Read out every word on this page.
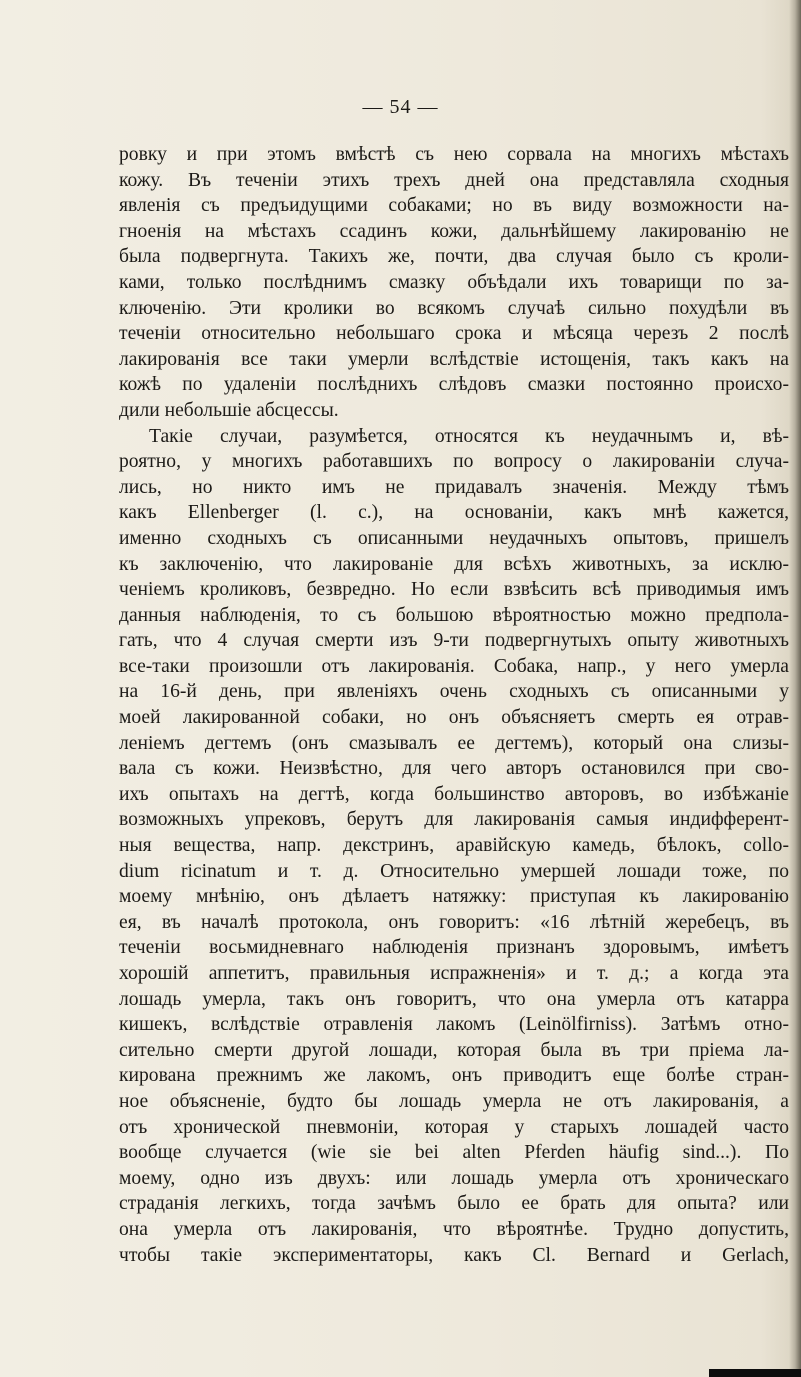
— 54 —
ровку и при этомъ вмѣстѣ съ нею сорвала на многихъ мѣстахъ
кожу. Въ теченіи этихъ трехъ дней она представляла сходныя
явленія съ предъидущими собаками; но въ виду возможности на-
гноенія на мѣстахъ ссадинъ кожи, дальнѣйшему лакированію не
была подвергнута. Такихъ же, почти, два случая было съ кроли-
ками, только послѣднимъ смазку объѣдали ихъ товарищи по за-
ключенію. Эти кролики во всякомъ случаѣ сильно похудѣли въ
теченіи относительно небольшаго срока и мѣсяца черезъ 2 послѣ
лакированія все таки умерли вслѣдствіе истощенія, такъ какъ на
кожѣ по удаленіи послѣднихъ слѣдовъ смазки постоянно происхо-
дили небольшіе абсцессы.
Такіе случаи, разумѣется, относятся къ неудачнымъ и, вѣ-
роятно, у многихъ работавшихъ по вопросу о лакированіи случа-
лись, но никто имъ не придавалъ значенія. Между тѣмъ
какъ Ellenberger (l. c.), на основаніи, какъ мнѣ кажется,
именно сходныхъ съ описанными неудачныхъ опытовъ, пришелъ
къ заключенію, что лакированіе для всѣхъ животныхъ, за исклю-
ченіемъ кроликовъ, безвредно. Но если взвѣсить всѣ приводимыя имъ
данныя наблюденія, то съ большою вѣроятностью можно предпола-
гать, что 4 случая смерти изъ 9-ти подвергнутыхъ опыту животныхъ
все-таки произошли отъ лакированія. Собака, напр., у него умерла
на 16-й день, при явленіяхъ очень сходныхъ съ описанными у
моей лакированной собаки, но онъ объясняетъ смерть ея отрав-
леніемъ дегтемъ (онъ смазывалъ ее дегтемъ), который она слизы-
вала съ кожи. Неизвѣстно, для чего авторъ остановился при сво-
ихъ опытахъ на дегтѣ, когда большинство авторовъ, во избѣжаніе
возможныхъ упрековъ, берутъ для лакированія самыя индифферент-
ныя вещества, напр. декстринъ, аравійскую камедь, бѣлокъ, collo-
dium ricinatum и т. д. Относительно умершей лошади тоже, по
моему мнѣнію, онъ дѣлаетъ натяжку: приступая къ лакированію
ея, въ началѣ протокола, онъ говоритъ: «16 лѣтній жеребецъ, въ
теченіи восьмидневнаго наблюденія признанъ здоровымъ, имѣетъ
хорошій аппетитъ, правильныя испражненія» и т. д.; а когда эта
лошадь умерла, такъ онъ говоритъ, что она умерла отъ катарра
кишекъ, вслѣдствіе отравленія лакомъ (Leinölfirniss). Затѣмъ отно-
сительно смерти другой лошади, которая была въ три пріема ла-
кирована прежнимъ же лакомъ, онъ приводитъ еще болѣе стран-
ное объясненіе, будто бы лошадь умерла не отъ лакированія, а
отъ хронической пневмоніи, которая у старыхъ лошадей часто
вообще случается (wie sie bei alten Pferden häufig sind...). По
моему, одно изъ двухъ: или лошадь умерла отъ хроническаго
страданія легкихъ, тогда зачѣмъ было ее брать для опыта? или
она умерла отъ лакированія, что вѣроятнѣе. Трудно допустить,
чтобы такіе экспериментаторы, какъ Cl. Bernard и Gerlach,
